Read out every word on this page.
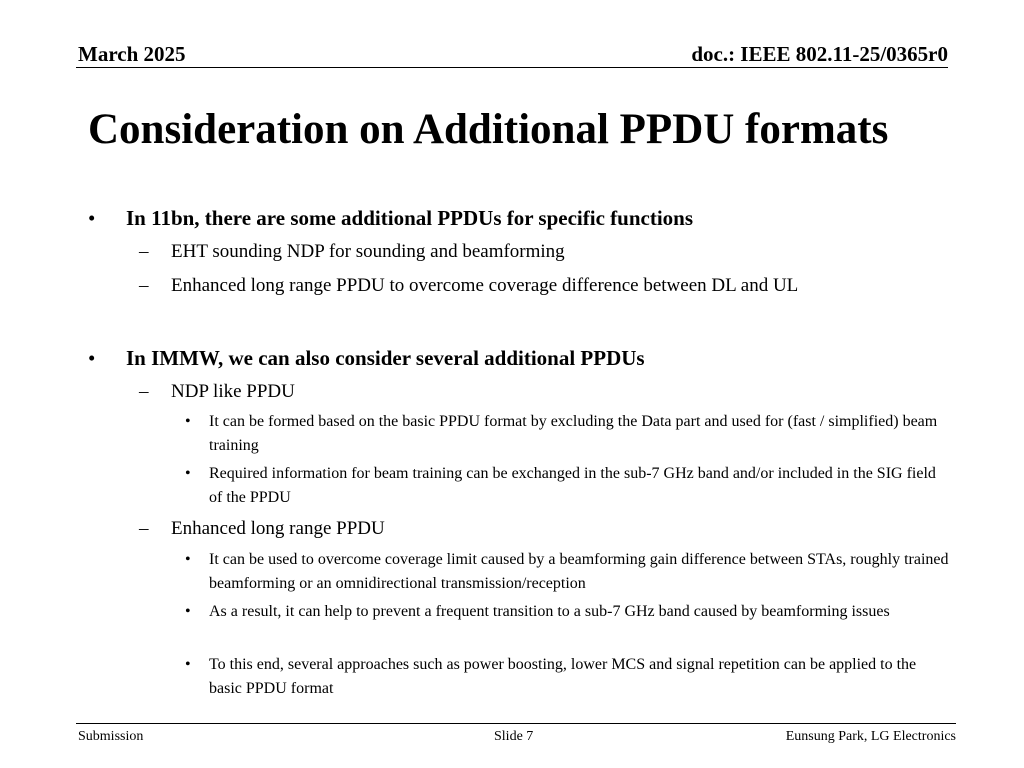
March 2025	doc.: IEEE 802.11-25/0365r0
Consideration on Additional PPDU formats
• In 11bn, there are some additional PPDUs for specific functions
– EHT sounding NDP for sounding and beamforming
– Enhanced long range PPDU to overcome coverage difference between DL and UL
• In IMMW, we can also consider several additional PPDUs
– NDP like PPDU
• It can be formed based on the basic PPDU format by excluding the Data part and used for (fast / simplified) beam training
• Required information for beam training can be exchanged in the sub-7 GHz band and/or included in the SIG field of the PPDU
– Enhanced long range PPDU
• It can be used to overcome coverage limit caused by a beamforming gain difference between STAs, roughly trained beamforming or an omnidirectional transmission/reception
• As a result, it can help to prevent a frequent transition to a sub-7 GHz band caused by beamforming issues
• To this end, several approaches such as power boosting, lower MCS and signal repetition can be applied to the basic PPDU format
Submission	Slide 7	Eunsung Park, LG Electronics
